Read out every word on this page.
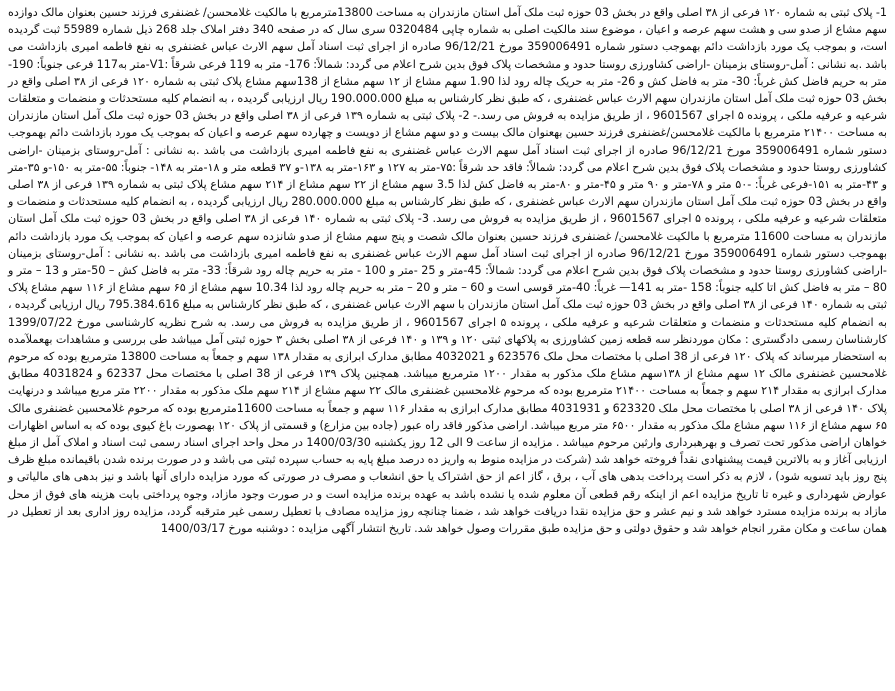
1- پلاک ثبتی به شماره ۱۲۰ فرعی از ۳۸ اصلی واقع در بخش 03 حوزه ثبت ملک آمل استان مازندران به مساحت 13800مترمربع با مالکیت غلامحسن/ غضنفری فرزند حسین بعنوان مالک دوازده سهم مشاع از صدو سی و هشت سهم عرصه و اعیان ، موضوع سند مالکیت اصلی به شماره چاپی 0320484 سری سال که در صفحه 340 دفتر املاک جلد 268 ذیل شماره 55989 ثبت گردیده است، و بموجب یک مورد بازداشت دائم بهموجب دستور شماره 359006491 مورخ 96/12/21 صادره از اجرای ثبت اسناد آمل سهم الارث عباس غضنفری به نفع فاطمه امیری بازداشت می باشد .به نشانی : آمل-روستای بزمینان -اراضی کشاورزی روستا حدود و مشخصات پلاک فوق بدین شرح اعلام می گردد: شمالاً: 176- متر به 119 فرعی شرقاً :V1-متر به117 فرعی جنوباً: 190-متر به حریم فاضل کش غرباً: 30- متر به فاضل کش و 26- متر به حریک چاله رود لذا 1.90 سهم مشاع از ۱۲ سهم مشاع از 138سهم مشاع پلاک ثبتی به شماره ۱۲۰ فرعی از ۳۸ اصلی واقع در بخش 03 حوزه ثبت ملک آمل استان مازندران سهم الارث عباس غضنفری ، که طبق نظر کارشناس به مبلغ 190.000.000 ریال ارزیابی گردیده ، به انضمام کلیه مستحدثات و منضمات و متعلقات شرعیه و عرفیه ملکی ، پرونده ۵ اجرای 9601567 ، از طریق مزایده به فروش می رسد.- 2- پلاک ثبتی به شماره ۱۳۹ فرعی از ۳۸ اصلی واقع در بخش 03 حوزه ثبت ملک آمل استان مازندران به مساحت ۲۱۴۰۰ مترمربع با مالکیت غلامحسن/غضنفری فرزند حسین بهعنوان مالک بیست و دو سهم مشاع از دویست و چهارده سهم عرصه و اعیان که بموجب یک مورد بازداشت دائم بهموجب دستور شماره 359006491 مورخ 96/12/21 صادره از اجرای ثبت اسناد آمل سهم الارث عباس غضنفری به نفع فاطمه امیری بازداشت می باشد .به نشانی : آمل-روستای بزمینان -اراضی کشاورزی روستا حدود و مشخصات پلاک فوق بدین شرح اعلام می گردد: شمالاً: فاقد حد شرقاً :۷۵-متر به ۱۲۷ و ۱۶۳-متر به ۱۳۸-و ۳۷ قطعه متر و ۱۸-متر به ۱۴۸- جنوباً: ۵۵-متر به ۱۵۰-و ۳۵-متر و ۴۳-متر به ۱۵۱-فرعی غرباً: -۵۰ متر و ۷۸-متر و ۹۰ متر و ۴۵-متر و ۸۰-متر به فاضل کش لذا 3.5 سهم مشاع از ۲۲ سهم مشاع از ۲۱۴ سهم مشاع پلاک ثبتی به شماره ۱۳۹ فرعی از ۳۸ اصلی واقع در بخش 03 حوزه ثبت ملک آمل استان مازندران سهم الارث عباس غضنفری ، که طبق نظر کارشناس به مبلغ 280.000.000 ریال ارزیابی گردیده ، به انضمام کلیه مستحدثات و منضمات و متعلقات شرعیه و عرفیه ملکی ، پرونده ۵ اجرای 9601567 ، از طریق مزایده به فروش می رسد. 3- پلاک ثبتی به شماره ۱۴۰ فرعی از ۳۸ اصلی واقع در بخش 03 حوزه ثبت ملک آمل استان مازندران به مساحت 11600 مترمربع با مالکیت غلامحسن/ غضنفری فرزند حسین بعنوان مالک شصت و پنج سهم مشاع از صدو شانزده سهم عرصه و اعیان که بموجب یک مورد بازداشت دائم بهموجب دستور شماره 359006491 مورخ 96/12/21 صادره از اجرای ثبت اسناد آمل سهم الارث عباس غضنفری به نفع فاطمه امیری بازداشت می باشد .به نشانی : آمل-روستای بزمینان -اراضی کشاورزی روستا حدود و مشخصات پلاک فوق بدین شرح اعلام می گردد: شمالاً: 45-متر و 25 -متر و 100 - متر به حریم چاله رود شرقاً: 33- متر به فاضل کش – 50-متر و 13 – متر و 80 – متر به فاضل کش اتا کلیه جنوباً: 158 -متر به 141— غرباً: 40-متر قوسی است و 60 – متر و 20 – متر به حریم چاله رود لذا 10.34 سهم مشاع از ۶۵ سهم مشاع از ۱۱۶ سهم مشاع پلاک ثبتی به شماره ۱۴۰ فرعی از ۳۸ اصلی واقع در بخش 03 حوزه ثبت ملک آمل استان مازندران با سهم الارث عباس غضنفری ، که طبق نظر کارشناس به مبلغ 795.384.616 ریال ارزیابی گردیده ، به انضمام کلیه مستحدثات و منضمات و متعلقات شرعیه و عرفیه ملکی ، پرونده ۵ اجرای 9601567 ، از طریق مزایده به فروش می رسد. به شرح نظریه کارشناسی مورخ 1399/07/22 کارشناسان رسمی دادگستری : مکان موردنظر سه قطعه زمین کشاورزی به پلاکهای ثبتی ۱۲۰ و ۱۳۹ و ۱۴۰ فرعی از ۳۸ اصلی بخش ۳ حوزه ثبتی آمل میباشد طی بررسی و مشاهدات بهعملآمده به استحضار میرساند که پلاک ۱۲۰ فرعی از 38 اصلی با مختصات محل ملک 623576 و 4032021 مطابق مدارک ابرازی به مقدار ۱۳۸ سهم و جمعاً به مساحت 13800 مترمربع بوده که مرحوم غلامحسین غضنفری مالک ۱۲ سهم مشاع از ۱۳۸سهم مشاع ملک مذکور به مقدار ۱۲۰۰ مترمربع میباشد. همچنین پلاک ۱۳۹ فرعی از 38 اصلی با مختصات محل 62337 و 4031824 مطابق مدارک ابرازی به مقدار ۲۱۴ سهم و جمعاً به مساحت ۲۱۴۰۰ مترمربع بوده که مرحوم غلامحسین غضنفری مالک ۲۲ سهم مشاع از ۲۱۴ سهم ملک مذکور به مقدار ۲۲۰۰ متر مربع میباشد و درنهایت پلاک ۱۴۰ فرعی از ۳۸ اصلی با مختصات محل ملک 623320 و 4031931 مطابق مدارک ابرازی به مقدار ۱۱۶ سهم و جمعاً به مساحت 11600مترمربع بوده که مرحوم غلامحسین غضنفری مالک ۶۵ سهم مشاع از ۱۱۶ سهم مشاع ملک مذکور به مقدار ۶۵۰۰ متر مربع میباشد. اراضی مذکور فاقد راه عبور (جاده بین مزارع) و قسمتی از پلاک ۱۲۰ بهصورت باغ کیوی بوده که به اساس اظهارات خواهان اراضی مذکور تحت تصرف و بهرهبرداری وارثین مرحوم میباشد . مزایده از ساعت 9 الی 12 روز یکشنبه 1400/03/30 در محل واحد اجرای اسناد رسمی ثبت اسناد و املاک آمل از مبلغ ارزیابی آغاز و به بالاترین قیمت پیشنهادی نقداً فروخته خواهد شد (شرکت در مزایده منوط به واریز ده درصد مبلغ پایه به حساب سپرده ثبتی می باشد و در صورت برنده شدن باقیمانده مبلغ ظرف پنج روز باید تسویه شود) ، لازم به ذکر است پرداخت بدهی های آب ، برق ، گاز اعم از حق اشتراک یا حق انشعاب و مصرف در صورتی که مورد مزایده دارای آنها باشد و نیز بدهی های مالیاتی و عوارض شهرداری و غیره تا تاریخ مزایده اعم از اینکه رقم قطعی آن معلوم شده یا نشده باشد به عهده برنده مزایده است و در صورت وجود مازاد، وجوه پرداختی بابت هزینه های فوق از محل مازاد به برنده مزایده مسترد خواهد شد و نیم عشر و حق مزایده نقدا دریافت خواهد شد ، ضمنا چنانچه روز مزایده مصادف با تعطیل رسمی غیر مترقبه گردد، مزایده روز اداری بعد از تعطیل در همان ساعت و مکان مقرر انجام خواهد شد و حقوق دولتی و حق مزایده طبق مقررات وصول خواهد شد. تاریخ انتشار آگهی مزایده : دوشنبه مورخ 1400/03/17
